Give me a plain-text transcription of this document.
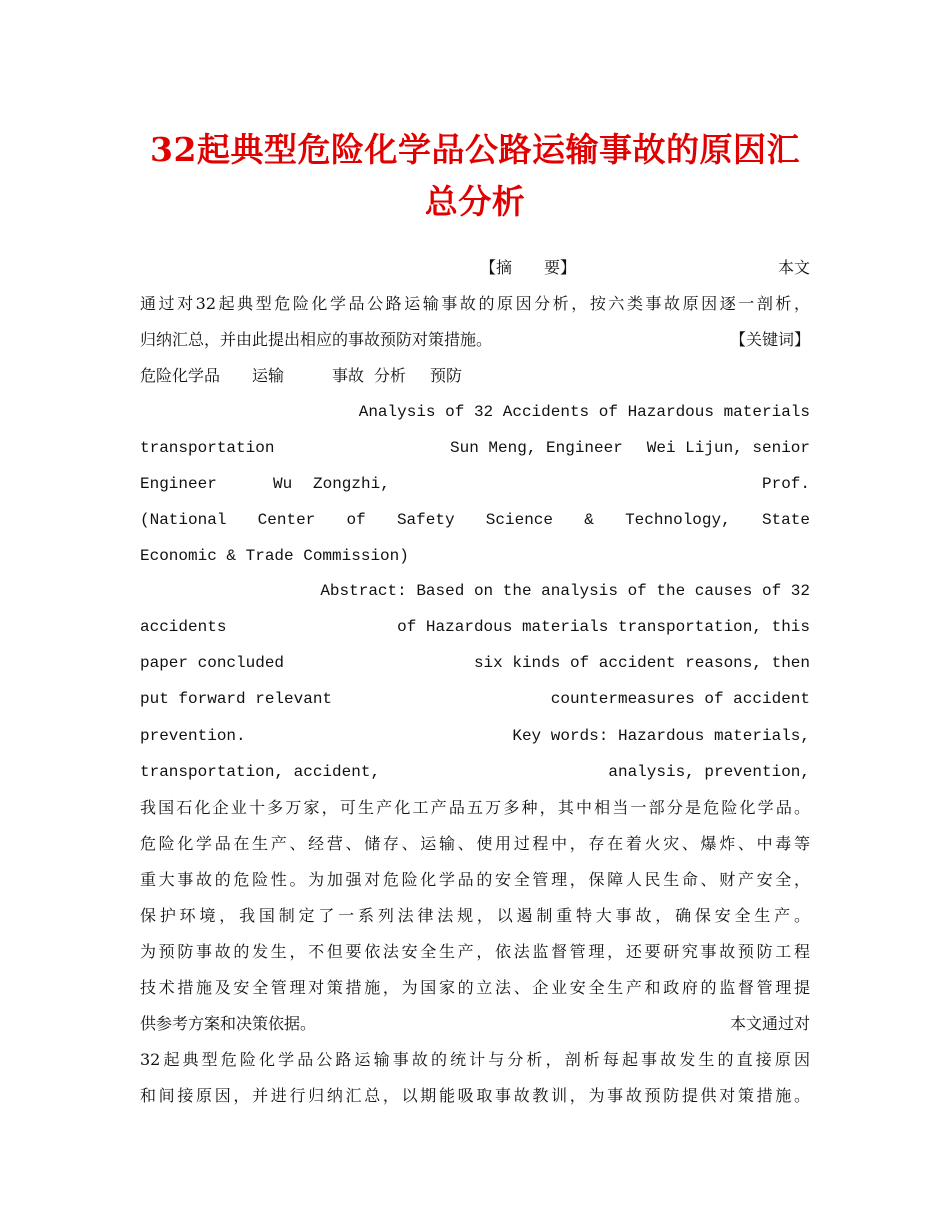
32起典型危险化学品公路运输事故的原因汇
总分析
【摘　　要】	本文
通过对32起典型危险化学品公路运输事故的原因分析，按六类事故原因逐一剖析，
归纳汇总，并由此提出相应的事故预防对策措施。	【关键词】
危险化学品 运输	事故 分析 预防
Analysis of 32 Accidents of Hazardous materials
transportation	Sun Meng, Engineer Wei Lijun, senior
Engineer	Wu Zongzhi,	Prof.
(National Center of Safety Science & Technology, State
Economic & Trade Commission)
Abstract: Based on the analysis of the causes of 32
accidents	of Hazardous materials transportation, this
paper concluded	six kinds of accident reasons, then
put forward relevant	countermeasures of accident
prevention.	Key words: Hazardous materials,
transportation, accident,	analysis, prevention,
我国石化企业十多万家，可生产化工产品五万多种，其中相当一部分是危险化学品。
危险化学品在生产、经营、储存、运输、使用过程中，存在着火灾、爆炸、中毒等
重大事故的危险性。为加强对危险化学品的安全管理，保障人民生命、财产安全，
保护环境，我国制定了一系列法律法规，以遏制重特大事故，确保安全生产。
为预防事故的发生，不但要依法安全生产，依法监督管理，还要研究事故预防工程
技术措施及安全管理对策措施，为国家的立法、企业安全生产和政府的监督管理提
供参考方案和决策依据。	本文通过对
32起典型危险化学品公路运输事故的统计与分析，剖析每起事故发生的直接原因
和间接原因，并进行归纳汇总，以期能吸取事故教训，为事故预防提供对策措施。
